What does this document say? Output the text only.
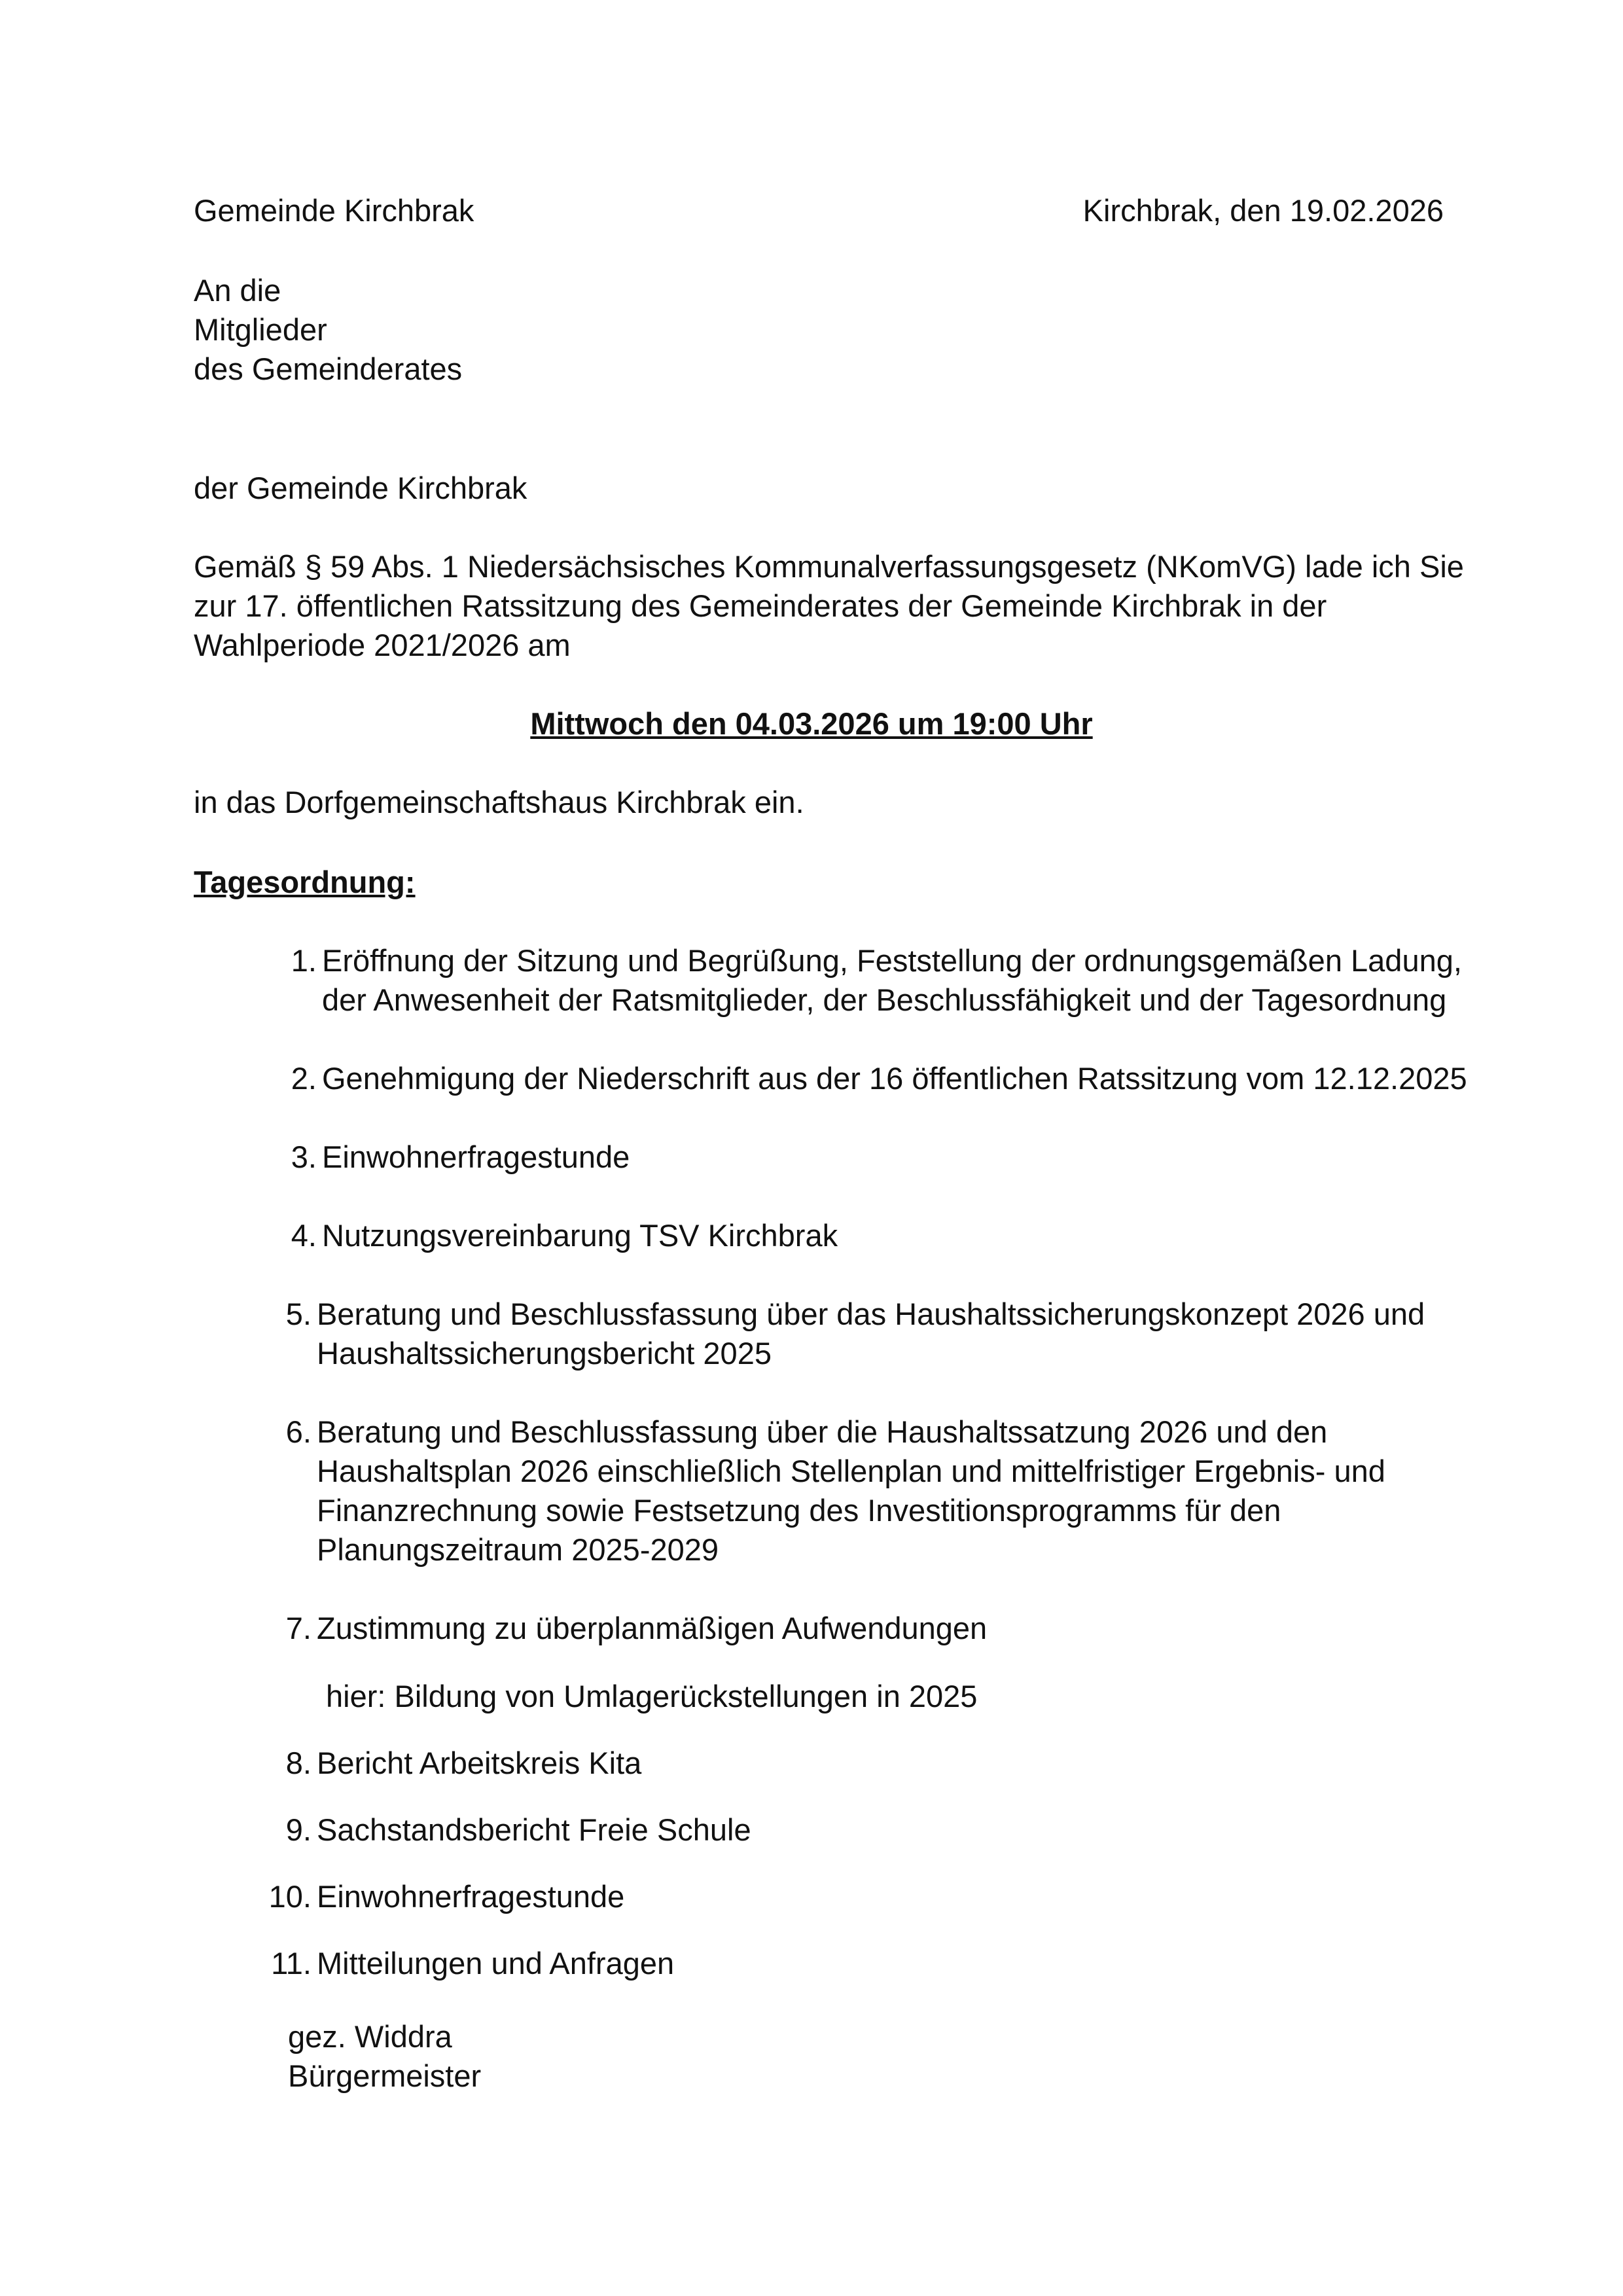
Gemeinde Kirchbrak	Kirchbrak, den 19.02.2026
An die
Mitglieder
des Gemeinderates
der Gemeinde Kirchbrak
Gemäß § 59 Abs. 1 Niedersächsisches Kommunalverfassungsgesetz (NKomVG) lade ich Sie
zur 17. öffentlichen Ratssitzung des Gemeinderates der Gemeinde Kirchbrak in der
Wahlperiode 2021/2026 am
Mittwoch den 04.03.2026 um 19:00 Uhr
in das Dorfgemeinschaftshaus Kirchbrak ein.
Tagesordnung:
1. Eröffnung der Sitzung und Begrüßung, Feststellung der ordnungsgemäßen Ladung,
der Anwesenheit der Ratsmitglieder, der Beschlussfähigkeit und der Tagesordnung
2. Genehmigung der Niederschrift aus der 16 öffentlichen Ratssitzung vom 12.12.2025
3. Einwohnerfragestunde
4. Nutzungsvereinbarung TSV Kirchbrak
5. Beratung und Beschlussfassung über das Haushaltssicherungskonzept 2026 und
Haushaltssicherungsbericht 2025
6. Beratung und Beschlussfassung über die Haushaltssatzung 2026 und den
Haushaltsplan 2026 einschließlich Stellenplan und mittelfristiger Ergebnis- und
Finanzrechnung sowie Festsetzung des Investitionsprogramms für den
Planungszeitraum 2025-2029
7. Zustimmung zu überplanmäßigen Aufwendungen
hier: Bildung von Umlagerückstellungen in 2025
8. Bericht Arbeitskreis Kita
9. Sachstandsbericht Freie Schule
10. Einwohnerfragestunde
11. Mitteilungen und Anfragen
gez. Widdra
Bürgermeister
